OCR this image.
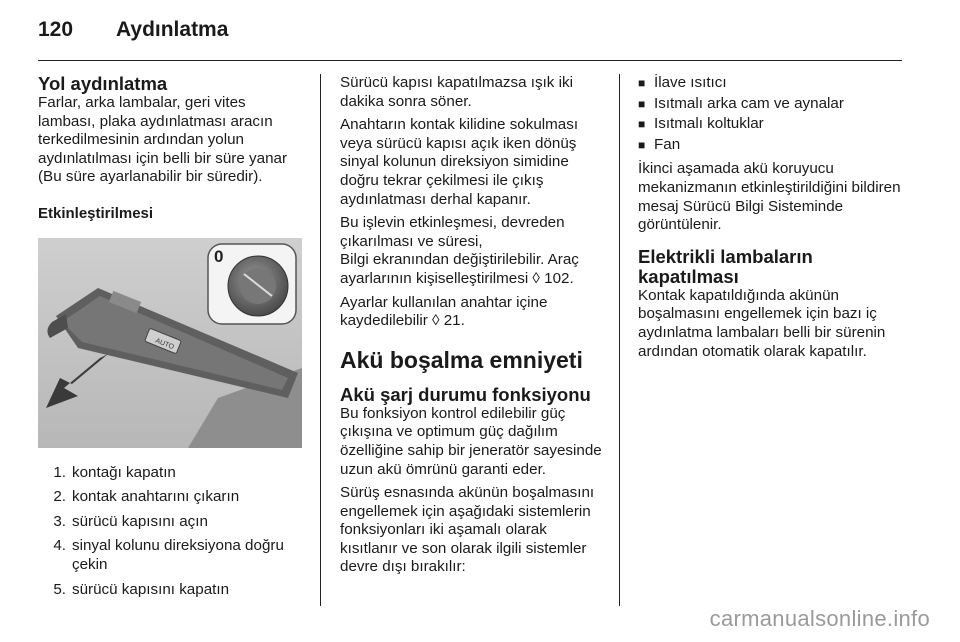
120	Aydınlatma
Yol aydınlatma

Farlar, arka lambalar, geri vites lambası, plaka aydınlatması aracın terkedilmesinin ardından yolun aydınlatılması için belli bir süre yanar (Bu süre ayarlanabilir bir süredir).

Etkinleştirilmesi
AUTO
0
1. kontağı kapatın
2. kontak anahtarını çıkarın
3. sürücü kapısını açın
4. sinyal kolunu direksiyona doğru çekin
5. sürücü kapısını kapatın

Sürücü kapısı kapatılmazsa ışık iki dakika sonra söner.

Anahtarın kontak kilidine sokulması veya sürücü kapısı açık iken dönüş sinyal kolunun direksiyon simidine doğru tekrar çekilmesi ile çıkış aydınlatması derhal kapanır.

Bu işlevin etkinleşmesi, devreden çıkarılması ve süresi,

Bilgi ekranından değiştirilebilir. Araç ayarlarının kişiselleştirilmesi ◊ 102.

Ayarlar kullanılan anahtar içine kaydedilebilir ◊ 21.

Akü boşalma emniyeti
Akü şarj durumu fonksiyonu

Bu fonksiyon kontrol edilebilir güç çıkışına ve optimum güç dağılım özelliğine sahip bir jeneratör sayesinde uzun akü ömrünü garanti eder.

Sürüş esnasında akünün boşalmasını engellemek için aşağıdaki sistemlerin fonksiyonları iki aşamalı olarak kısıtlanır ve son olarak ilgili sistemler devre dışı bırakılır:

■ İlave ısıtıcı
■ Isıtmalı arka cam ve aynalar
■ Isıtmalı koltuklar
■ Fan

İkinci aşamada akü koruyucu mekanizmanın etkinleştirildiğini bildiren mesaj Sürücü Bilgi Sisteminde görüntülenir.

Elektrikli lambaların kapatılması

Kontak kapatıldığında akünün boşalmasını engellemek için bazı iç aydınlatma lambaları belli bir sürenin ardından otomatik olarak kapatılır.

carmanualsonline.info
